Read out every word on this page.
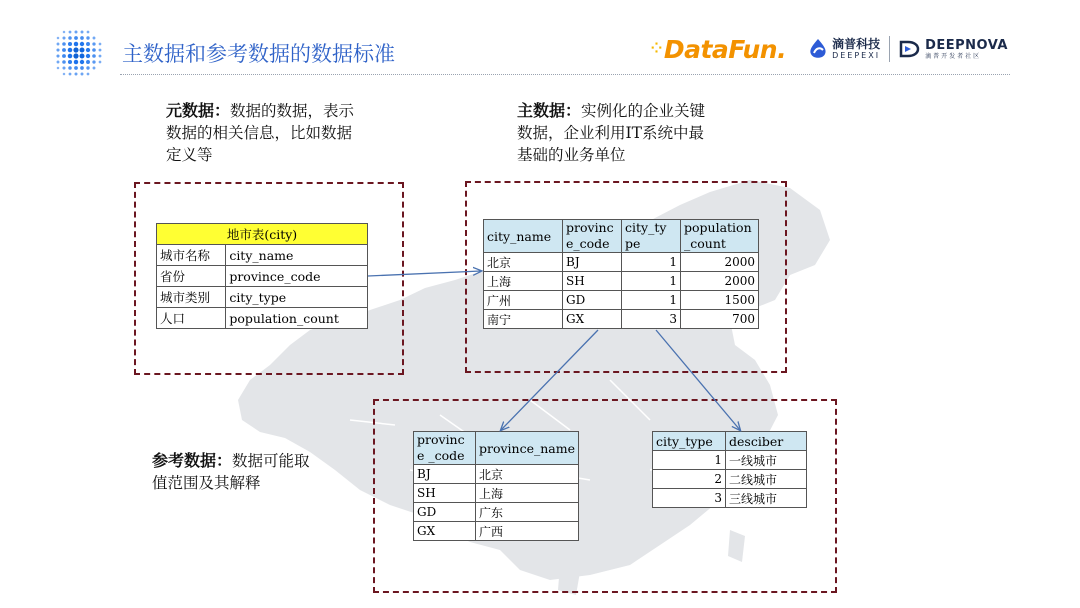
主数据和参考数据的数据标准	⁘ DataFun.	滴普科技
DEEPEXI
DEEPNOVA
滴普开发者社区
元数据：数据的数据，表示
数据的相关信息，比如数据
定义等
主数据：实例化的企业关键
数据，企业利用IT系统中最
基础的业务单位
参考数据：数据可能取
值范围及其解释
地市表(city)	
城市名称	city_name
省份	province_code
城市类别	city_type
人口	population_count
city_name	provinc e_code	city_ty pe	population _count
北京	BJ	1	2000
上海	SH	1	2000
广州	GD	1	1500
南宁	GX	3	700
province _code	province_name
BJ	北京
SH	上海
GD	广东
GX	广西
city_type	desciber
1	一线城市
2	二线城市
3	三线城市
